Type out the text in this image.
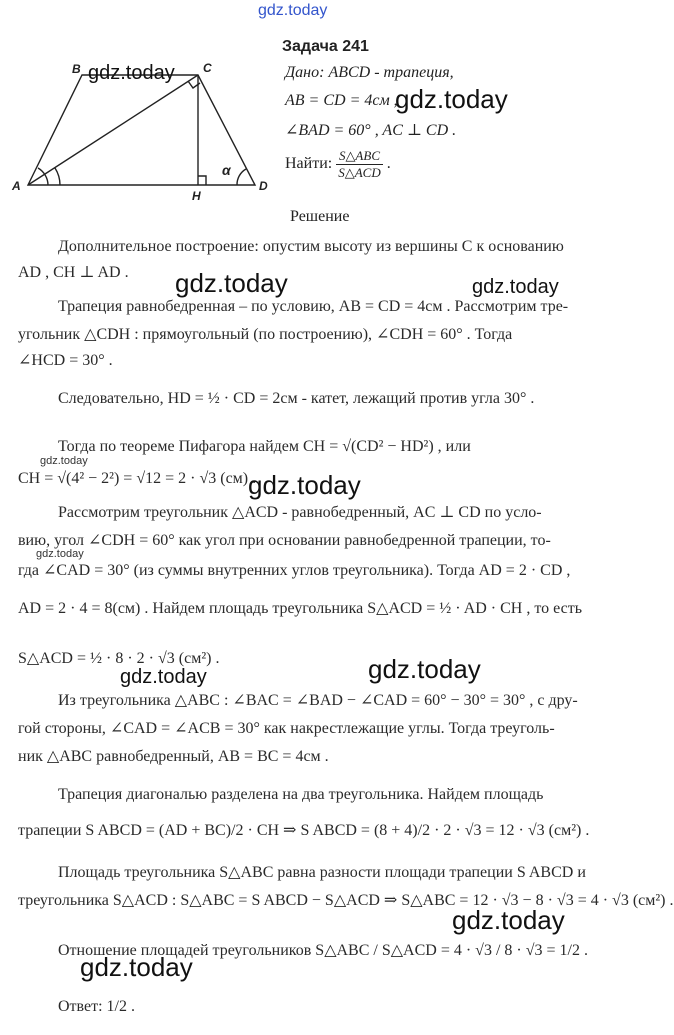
gdz.today
A
B	C
D
H
α
gdz.today
Задача 241
Дано: ABCD - трапеция,
AB = CD = 4см ,
gdz.today
∠BAD = 60° , AC ⊥ CD .
Найти: $\frac{\text{S△ABC}}{\text{S△ACD}}$ .
Решение
Дополнительное построение: опустим высоту из вершины C к основанию
AD , CH ⊥ AD . gdz.today	gdz.today
Трапеция равнобедренная – по условию, AB = CD = 4см . Рассмотрим тре-
угольник △CDH : прямоугольный (по построению), ∠CDH = 60° . Тогда
∠HCD = 30° .
Следовательно, HD = ½ · CD = 2см - катет, лежащий против угла 30° .
Тогда по теореме Пифагора найдем CH = √(CD² − HD²) , или
gdz.today
CH = √(4² − 2²) = √12 = 2 · √3 (см) .
gdz.today
Рассмотрим треугольник △ACD - равнобедренный, AC ⊥ CD по усло-
вию, угол ∠CDH = 60° как угол при основании равнобедренной трапеции, то-
gdz.today
гда ∠CAD = 30° (из суммы внутренних углов треугольника). Тогда AD = 2 · CD ,
AD = 2 · 4 = 8(см) . Найдем площадь треугольника S△ACD = ½ · AD · CH , то есть
S△ACD = ½ · 8 · 2 · √3 (см²) .	gdz.today
gdz.today
Из треугольника △ABC : ∠BAC = ∠BAD − ∠CAD = 60° − 30° = 30° , с дру-
гой стороны, ∠CAD = ∠ACB = 30° как накрестлежащие углы. Тогда треуголь-
ник △ABC равнобедренный, AB = BC = 4см .
Трапеция диагональю разделена на два треугольника. Найдем площадь
трапеции S ABCD = (AD + BC)/2 · CH ⇒ S ABCD = (8 + 4)/2 · 2 · √3 = 12 · √3 (см²) .
Площадь треугольника S△ABC равна разности площади трапеции S ABCD и
треугольника S△ACD : S△ABC = S ABCD − S△ACD ⇒ S△ABC = 12 · √3 − 8 · √3 = 4 · √3 (см²) .
gdz.today
Отношение площадей треугольников S△ABC / S△ACD = 4 · √3 / 8 · √3 = 1/2 .
gdz.today
Ответ: 1/2 .
